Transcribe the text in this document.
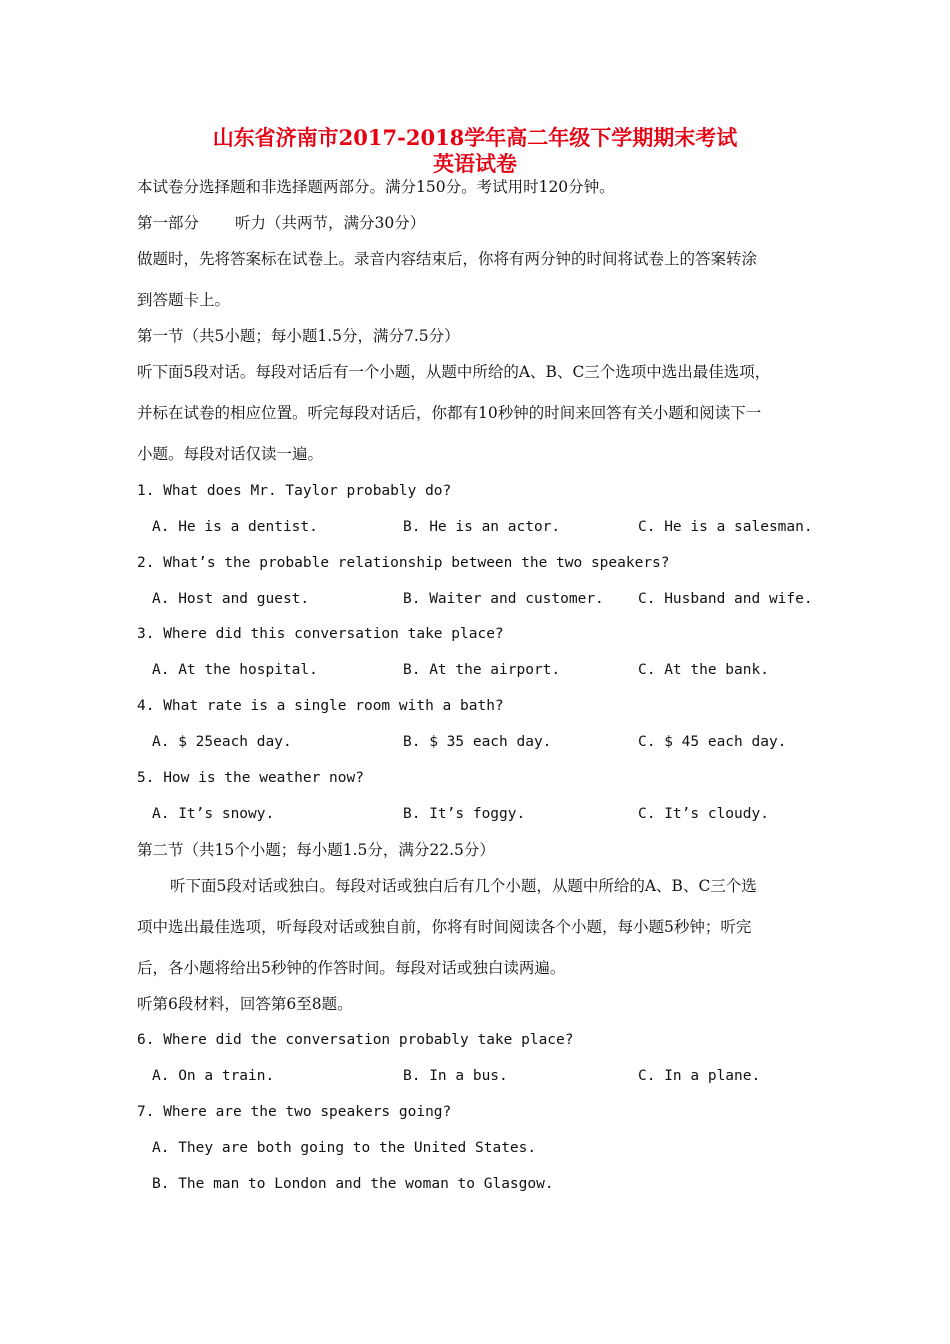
山东省济南市2017-2018学年高二年级下学期期末考试
英语试卷
本试卷分选择题和非选择题两部分。满分150分。考试用时120分钟。
第一部分 听力（共两节，满分30分）
做题时，先将答案标在试卷上。录音内容结束后，你将有两分钟的时间将试卷上的答案转涂
到答题卡上。
第一节（共5小题；每小题1.5分，满分7.5分）
听下面5段对话。每段对话后有一个小题，从题中所给的A、B、C三个选项中选出最佳选项，
并标在试卷的相应位置。听完每段对话后，你都有10秒钟的时间来回答有关小题和阅读下一
小题。每段对话仅读一遍。
1. What does Mr. Taylor probably do?
A. He is a dentist.	B. He is an actor.	C. He is a salesman.
2. What’s the probable relationship between the two speakers?
A. Host and guest.	B. Waiter and customer. C. Husband and wife.
3. Where did this conversation take place?
A. At the hospital.	B. At the airport.	C. At the bank.
4. What rate is a single room with a bath?
A. $ 25each day.	B. $ 35 each day.	C. $ 45 each day.
5. How is the weather now?
A. It’s snowy.	B. It’s foggy.	C. It’s cloudy.
第二节（共15个小题；每小题1.5分，满分22.5分）
听下面5段对话或独白。每段对话或独白后有几个小题，从题中所给的A、B、C三个选
项中选出最佳选项，听每段对话或独自前，你将有时间阅读各个小题，每小题5秒钟；听完
后，各小题将给出5秒钟的作答时间。每段对话或独白读两遍。
听第6段材料，回答第6至8题。
6. Where did the conversation probably take place?
A. On a train.	B. In a bus.	C. In a plane.
7. Where are the two speakers going?
A. They are both going to the United States.
B. The man to London and the woman to Glasgow.
